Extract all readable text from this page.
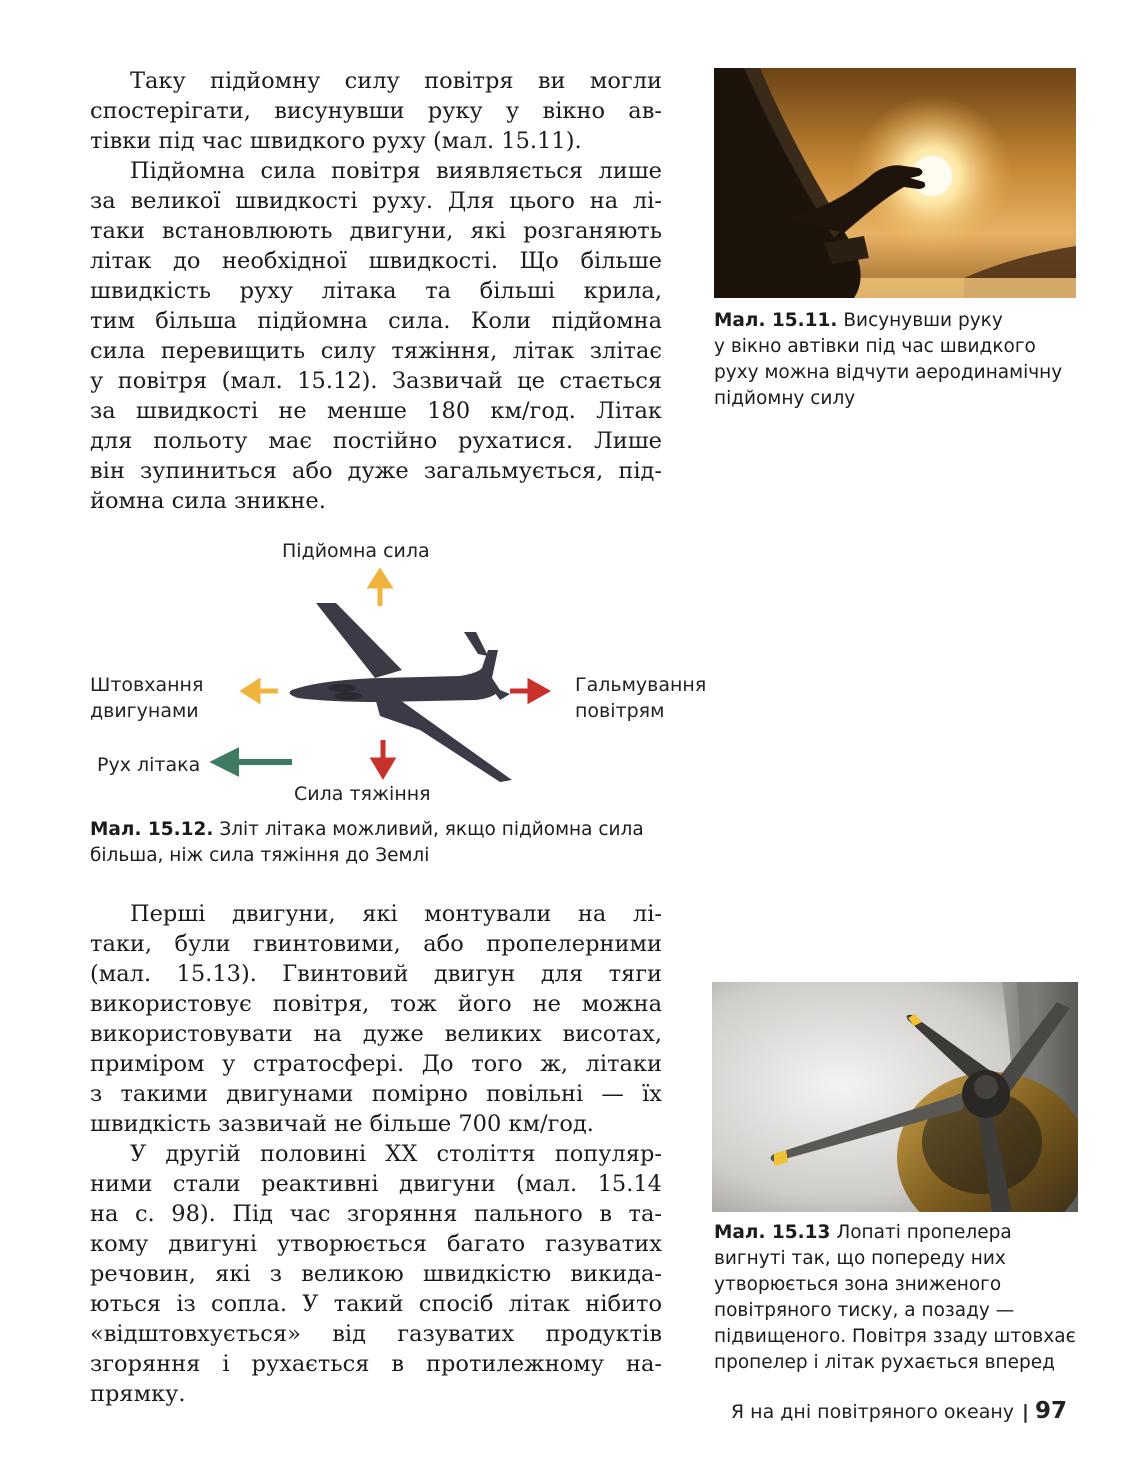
Таку підйомну силу повітря ви могли
спостерігати, висунувши руку у вікно ав-
тівки під час швидкого руху (мал. 15.11).
Підйомна сила повітря виявляється лише
за великої швидкості руху. Для цього на лі-
таки встановлюють двигуни, які розганяють
літак до необхідної швидкості. Що більше
швидкість руху літака та більші крила,
тим більша підйомна сила. Коли підйомна
сила перевищить силу тяжіння, літак злітає
у повітря (мал. 15.12). Зазвичай це стається
за швидкості не менше 180 км/год. Літак
для польоту має постійно рухатися. Лише
він зупиниться або дуже загальмується, під-
йомна сила зникне.
Мал. 15.11. Висунувши руку
у вікно автівки під час швидкого
руху можна відчути аеродинамічну
підйомну силу
Підйомна сила
Штовхання
двигунами
Гальмування
повітрям
Рух літака
Сила тяжіння
Мал. 15.12. Зліт літака можливий, якщо підйомна сила
більша, ніж сила тяжіння до Землі
Перші двигуни, які монтували на лі-
таки, були гвинтовими, або пропелерними
(мал. 15.13). Гвинтовий двигун для тяги
використовує повітря, тож його не можна
використовувати на дуже великих висотах,
приміром у стратосфері. До того ж, літаки
з такими двигунами помірно повільні — їх
швидкість зазвичай не більше 700 км/год.
У другій половині XX століття популяр-
ними стали реактивні двигуни (мал. 15.14
на с. 98). Під час згоряння пального в та-
кому двигуні утворюється багато газуватих
речовин, які з великою швидкістю викида-
ються із сопла. У такий спосіб літак нібито
«відштовхується» від газуватих продуктів
згоряння і рухається в протилежному на-
прямку.
Мал. 15.13 Лопаті пропелера
вигнуті так, що попереду них
утворюється зона зниженого
повітряного тиску, а позаду —
підвищеного. Повітря ззаду штовхає
пропелер і літак рухається вперед
Я на дні повітряного океану | 97
